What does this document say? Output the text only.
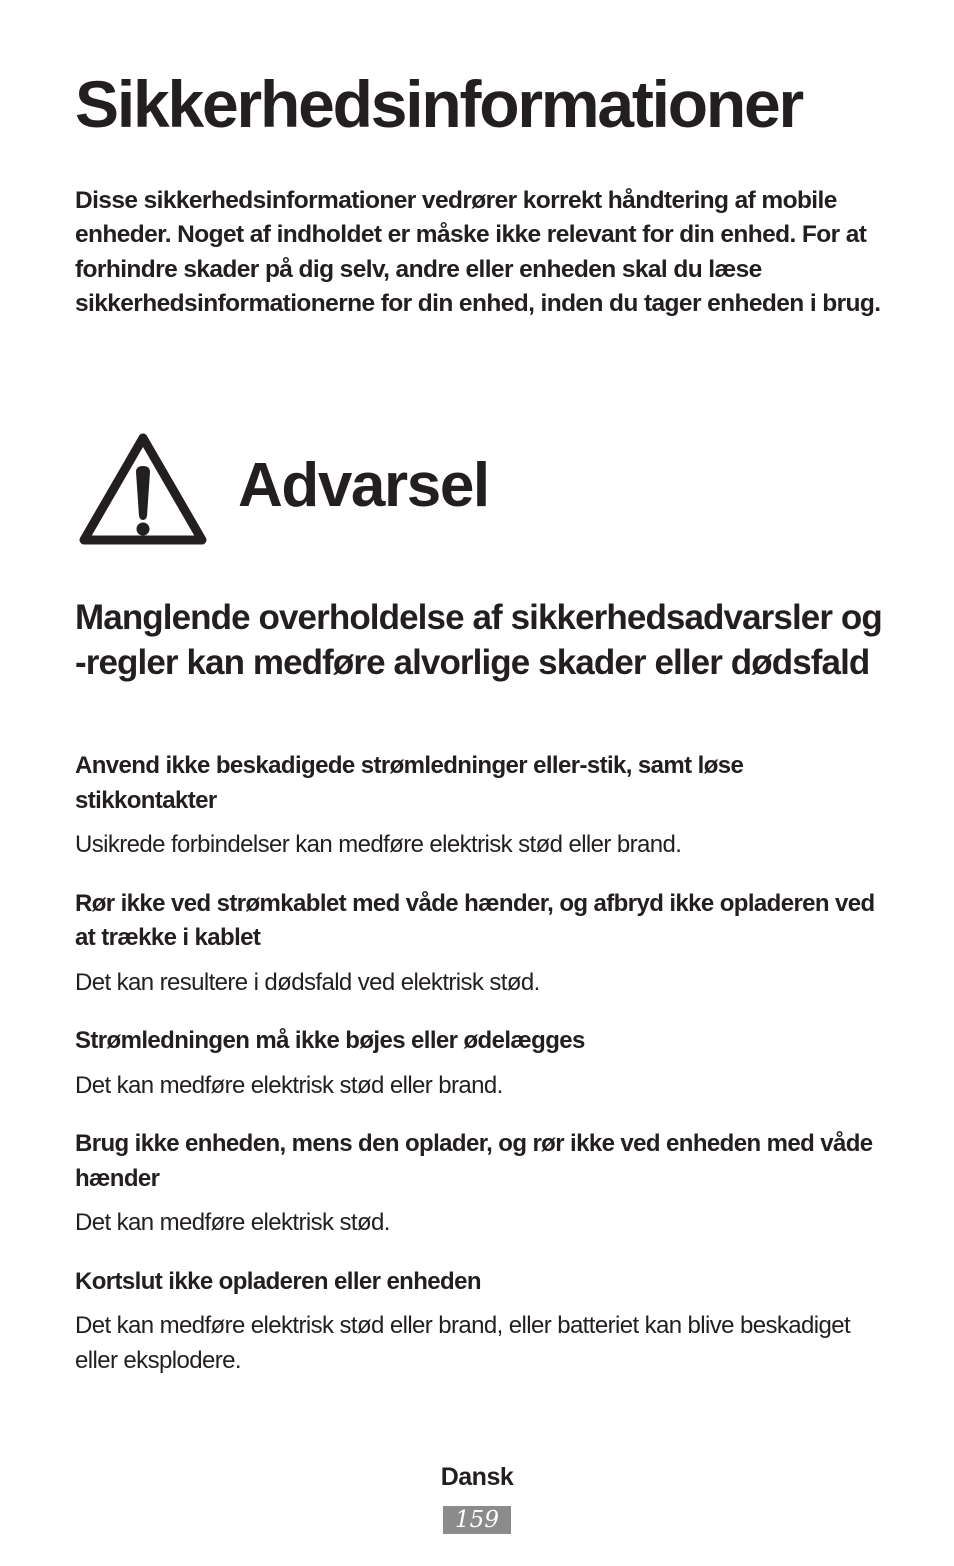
Sikkerhedsinformationer

Disse sikkerhedsinformationer vedrører korrekt håndtering af mobile enheder. Noget af indholdet er måske ikke relevant for din enhed. For at forhindre skader på dig selv, andre eller enheden skal du læse sikkerhedsinformationerne for din enhed, inden du tager enheden i brug.

Advarsel
Manglende overholdelse af sikkerhedsadvarsler og -regler kan medføre alvorlige skader eller dødsfald

Anvend ikke beskadigede strømledninger eller-stik, samt løse stikkontakter

Usikrede forbindelser kan medføre elektrisk stød eller brand.

Rør ikke ved strømkablet med våde hænder, og afbryd ikke opladeren ved at trække i kablet

Det kan resultere i dødsfald ved elektrisk stød.

Strømledningen må ikke bøjes eller ødelægges

Det kan medføre elektrisk stød eller brand.

Brug ikke enheden, mens den oplader, og rør ikke ved enheden med våde hænder

Det kan medføre elektrisk stød.

Kortslut ikke opladeren eller enheden

Det kan medføre elektrisk stød eller brand, eller batteriet kan blive beskadiget eller eksplodere.

Dansk
159
